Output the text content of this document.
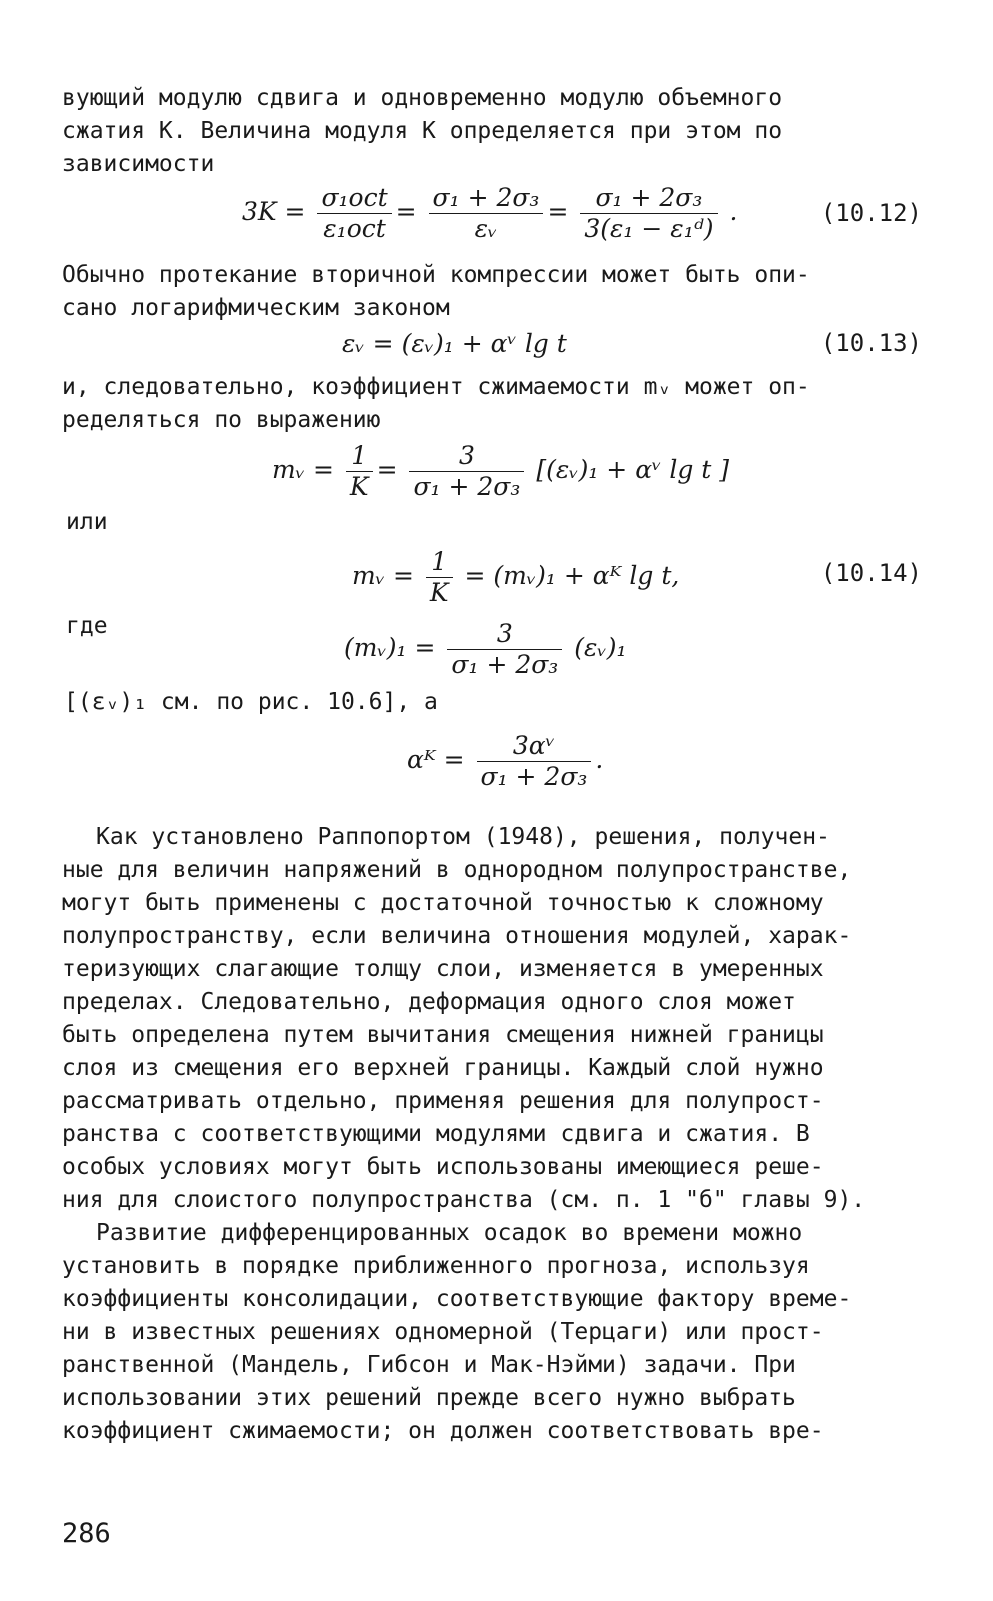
вующий модулю сдвига и одновременно модулю объемного
сжатия К. Величина модуля К определяется при этом по
зависимости

$3K = \frac{\text{σ₁oct}}{\text{ε₁oct}} = \frac{\text{σ₁ + 2σ₃}}{\text{εᵥ}} = \frac{\text{σ₁ + 2σ₃}}{\text{3(ε₁ − ε₁ᵈ)}}$ .	(10.12)

Обычно протекание вторичной компрессии может быть опи-
сано логарифмическим законом

εᵥ = (εᵥ)₁ + αᵛ lg t	(10.13)

и, следовательно, коэффициент сжимаемости mᵥ может оп-
ределяться по выражению

mᵥ = $\frac{1}{K} = \frac{3}{\text{σ₁ + 2σ₃}}$ [(εᵥ)₁ + αᵛ lg t ]
или
mᵥ = $\frac{1}{K}$ = (mᵥ)₁ + αᴷ lg t,	(10.14)
где
(mᵥ)₁ = $\frac{3}{\text{σ₁ + 2σ₃}}$ (εᵥ)₁
[(εᵥ)₁ см. по рис. 10.6], а
αᴷ = $\frac{\text{3αᵛ}}{\text{σ₁ + 2σ₃}}$ .

Как установлено Раппопортом (1948), решения, получен-
ные для величин напряжений в однородном полупространстве,
могут быть применены с достаточной точностью к сложному
полупространству, если величина отношения модулей, харак-
теризующих слагающие толщу слои, изменяется в умеренных
пределах. Следовательно, деформация одного слоя может
быть определена путем вычитания смещения нижней границы
слоя из смещения его верхней границы. Каждый слой нужно
рассматривать отдельно, применяя решения для полупрост-
ранства с соответствующими модулями сдвига и сжатия. В
особых условиях могут быть использованы имеющиеся реше-
ния для слоистого полупространства (см. п. 1 "б" главы 9).

Развитие дифференцированных осадок во времени можно
установить в порядке приближенного прогноза, используя
коэффициенты консолидации, соответствующие фактору време-
ни в известных решениях одномерной (Терцаги) или прост-
ранственной (Мандель, Гибсон и Мак-Нэйми) задачи. При
использовании этих решений прежде всего нужно выбрать
коэффициент сжимаемости; он должен соответствовать вре-

286
